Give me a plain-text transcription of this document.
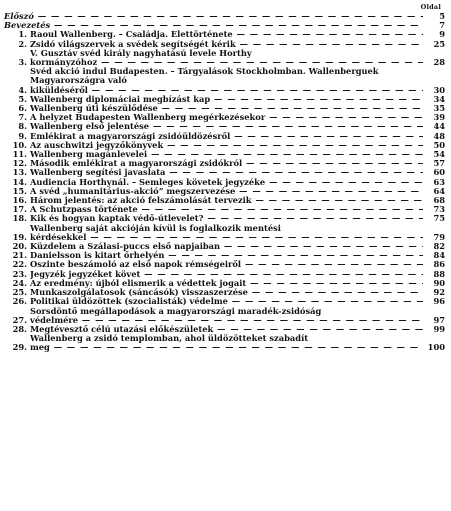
Oldal
Előszó — — —	5
Bevezetés — — —	7
1. Raoul Wallenberg. – Családja. Élettörténete — — —	9
2. Zsidó világszervek a svédek segítségét kérik — — —	25
3.
V. Gusztáv svéd király nagyhatású levele Horthy kormányzóhoz — — —	28
4.
Svéd akció indul Budapesten. – Tárgyalások Stockholmban. Wallenberguek Magyarországra való kiküldéséről — — —	30
5. Wallenberg diplomáciai megbízást kap — — —	34
6. Wallenberg úti készülődése — — —	35
7. A helyzet Budapesten Wallenberg megérkezésekor — — —	39
8. Wallenberg első jelentése — — —	44
9. Emlékirat a magyarországi zsidóüldözésről — — —	48
10. Az auschwitzi jegyzőkönyvek — — —	50
11. Wallenberg magánlevelei — — —	54
12. Második emlékirat a magyarországi zsidókról — — —	57
13. Wallenberg segítési javaslata — — —	60
14. Audiencia Horthynál. – Semleges követek jegyzéke — — —	63
15. A svéd „humanitárius-akció” megszervezése — — —	64
16. Három jelentés: az akció felszámolását tervezik — — —	68
17. A Schutzpass története — — —	73
18. Kik és hogyan kaptak védő-útlevelet? — — —	75
19.
Wallenberg saját akcióján kívül is foglalkozik mentési kérdésekkel — — —	79
20. Küzdelem a Szálasi-puccs első napjaiban — — —	82
21. Danielsson is kitart őrhelyén — — —	84
22. Őszinte beszámoló az első napok rémségeiről — — —	86
23. Jegyzék jegyzéket követ — — —	88
24. Az eredmény: újból elismerik a védettek jogait — — —	90
25. Munkaszolgálatosok (sáncásók) visszaszerzése — — —	92
26. Politikai üldözöttek (szocialisták) védelme — — —	96
27.
Sorsdöntő megállapodások a magyarországi maradék-zsidóság védelmére — — —	97
28. Megtévesztő célú utazási előkészületek — — —	99
29.
Wallenberg a zsidó templomban, ahol üldözötteket szabadít meg — — —	100
